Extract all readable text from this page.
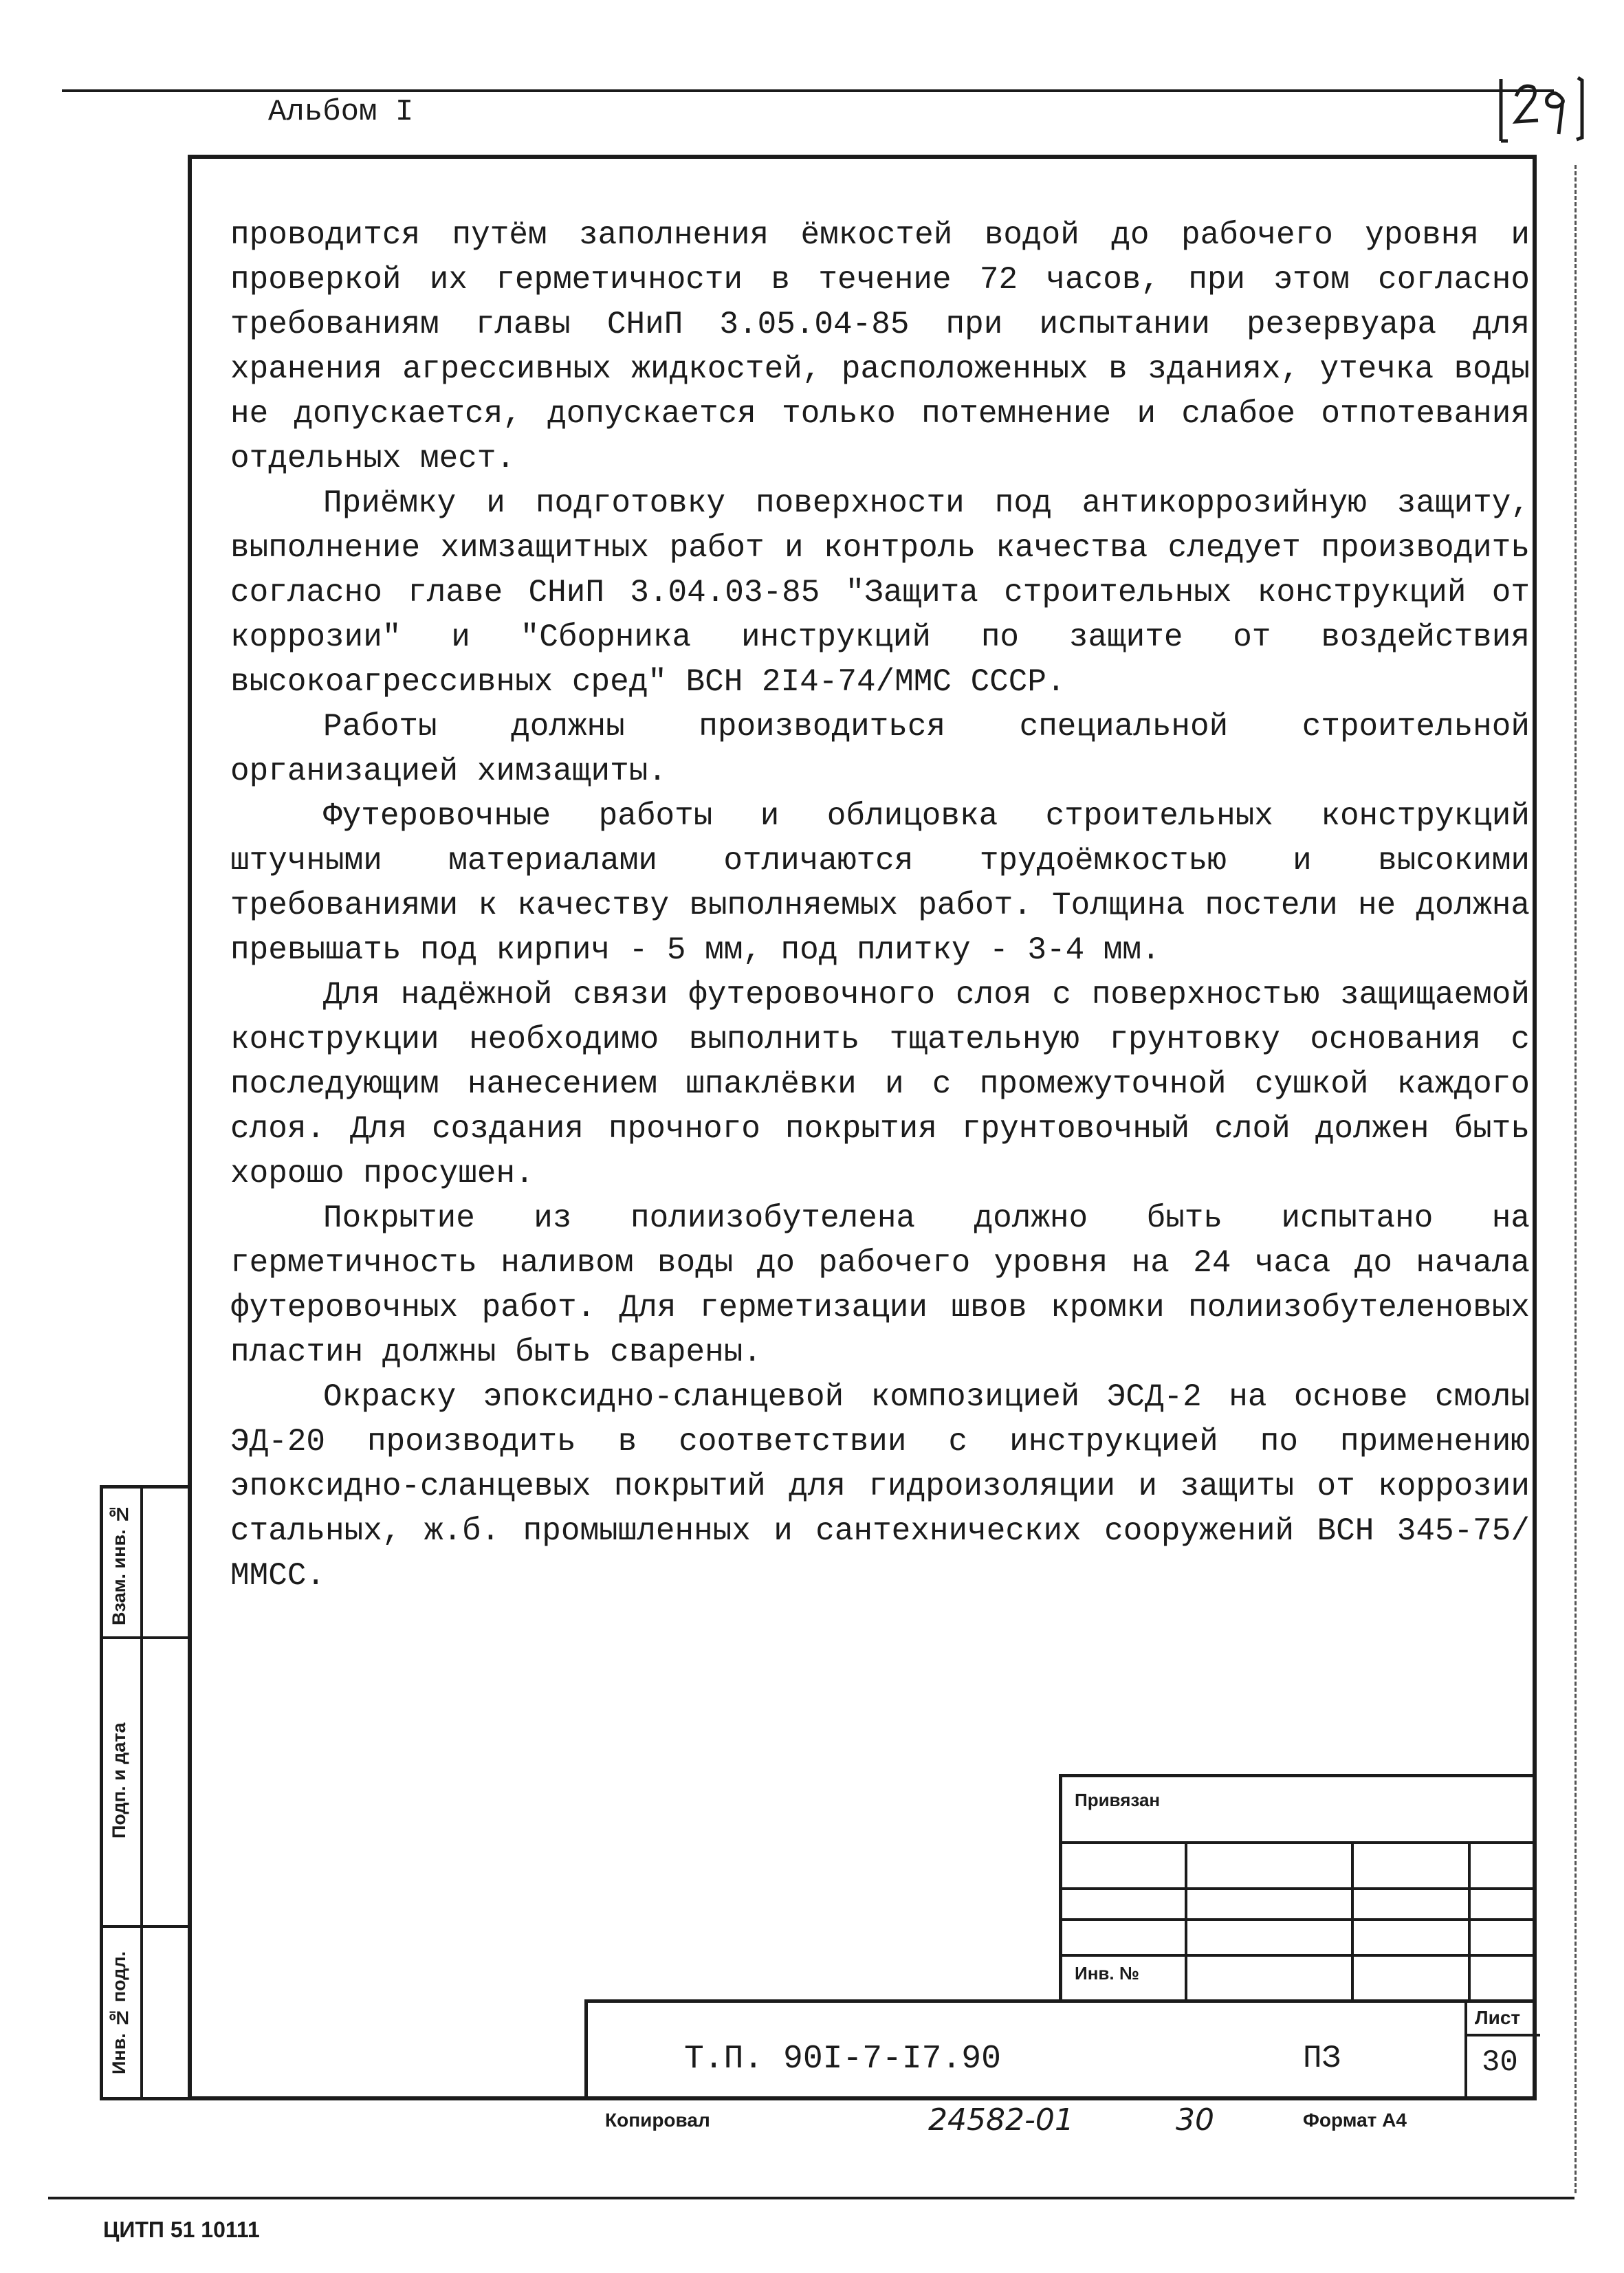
Альбом I
Взам. инв. №
Подп. и дата
Инв. № подл.

проводится путём заполнения ёмкостей водой до рабочего уровня и проверкой их герметичности в течение 72 часов, при этом согласно требованиям главы СНиП 3.05.04-85 при испытании резервуара для хранения агрессивных жидкостей, расположенных в зданиях, утечка воды не допускается, допускается только потемнение и слабое отпотевания отдельных мест.

Приёмку и подготовку поверхности под антикоррозийную защиту, выполнение химзащитных работ и контроль качества следует производить согласно главе СНиП 3.04.03-85 "Защита строительных конструкций от коррозии" и "Сборника инструкций по защите от воздействия высокоагрессивных сред" ВСН 2I4-74/ММС СССР.

Работы должны производиться специальной строительной организацией химзащиты.

Футеровочные работы и облицовка строительных конструкций штучными материалами отличаются трудоёмкостью и высокими требованиями к качеству выполняемых работ. Толщина постели не должна превышать под кирпич - 5 мм, под плитку - 3-4 мм.

Для надёжной связи футеровочного слоя с поверхностью защищаемой конструкции необходимо выполнить тщательную грунтовку основания с последующим нанесением шпаклёвки и с промежуточной сушкой каждого слоя. Для создания прочного покрытия грунтовочный слой должен быть хорошо просушен.

Покрытие из полиизобутелена должно быть испытано на герметичность наливом воды до рабочего уровня на 24 часа до начала футеровочных работ. Для герметизации швов кромки полиизобутеленовых пластин должны быть сварены.

Окраску эпоксидно-сланцевой композицией ЭСД-2 на основе смолы ЭД-20 производить в соответствии с инструкцией по применению эпоксидно-сланцевых покрытий для гидроизоляции и защиты от коррозии стальных, ж.б. промышленных и сантехнических сооружений ВСН 345-75/ММСС.

Привязан
Инв. №
Лист
30
Т.П. 90I-7-I7.90	ПЗ
Копировал	24582-01	30	Формат А4
ЦИТП 51 10111
